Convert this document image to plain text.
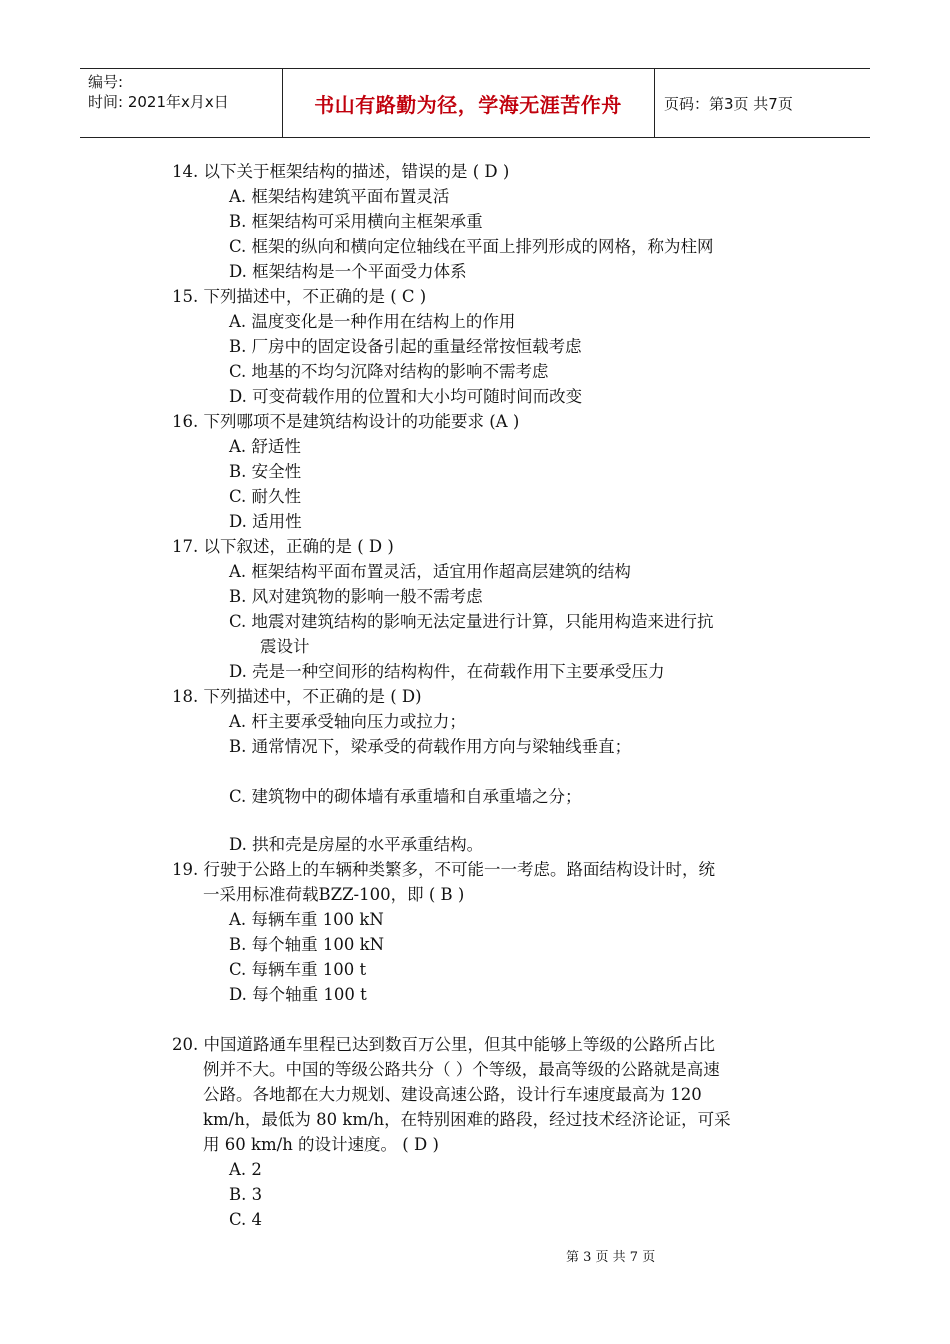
编号:
时间: 2021年x月x日	书山有路勤为径，学海无涯苦作舟	页码：第3页 共7页
14. 以下关于框架结构的描述，错误的是 ( D )
A. 框架结构建筑平面布置灵活
B. 框架结构可采用横向主框架承重
C. 框架的纵向和横向定位轴线在平面上排列形成的网格，称为柱网
D. 框架结构是一个平面受力体系
15. 下列描述中，不正确的是 ( C )
A. 温度变化是一种作用在结构上的作用
B. 厂房中的固定设备引起的重量经常按恒载考虑
C. 地基的不均匀沉降对结构的影响不需考虑
D. 可变荷载作用的位置和大小均可随时间而改变
16. 下列哪项不是建筑结构设计的功能要求 (A )
A. 舒适性
B. 安全性
C. 耐久性
D. 适用性
17. 以下叙述，正确的是 ( D )
A. 框架结构平面布置灵活，适宜用作超高层建筑的结构
B. 风对建筑物的影响一般不需考虑
C. 地震对建筑结构的影响无法定量进行计算，只能用构造来进行抗
震设计
D. 壳是一种空间形的结构构件，在荷载作用下主要承受压力
18. 下列描述中，不正确的是 ( D)
A. 杆主要承受轴向压力或拉力；
B. 通常情况下，梁承受的荷载作用方向与梁轴线垂直；
C. 建筑物中的砌体墙有承重墙和自承重墙之分；
D. 拱和壳是房屋的水平承重结构。
19. 行驶于公路上的车辆种类繁多，不可能一一考虑。路面结构设计时，统
一采用标准荷载BZZ-100，即 ( B )
A. 每辆车重 100 kN
B. 每个轴重 100 kN
C. 每辆车重 100 t
D. 每个轴重 100 t
20. 中国道路通车里程已达到数百万公里，但其中能够上等级的公路所占比
例并不大。中国的等级公路共分（ ）个等级，最高等级的公路就是高速
公路。各地都在大力规划、建设高速公路，设计行车速度最高为 120
km/h，最低为 80 km/h，在特别困难的路段，经过技术经济论证，可采
用 60 km/h 的设计速度。 ( D )
A. 2
B. 3
C. 4
第 3 页 共 7 页
